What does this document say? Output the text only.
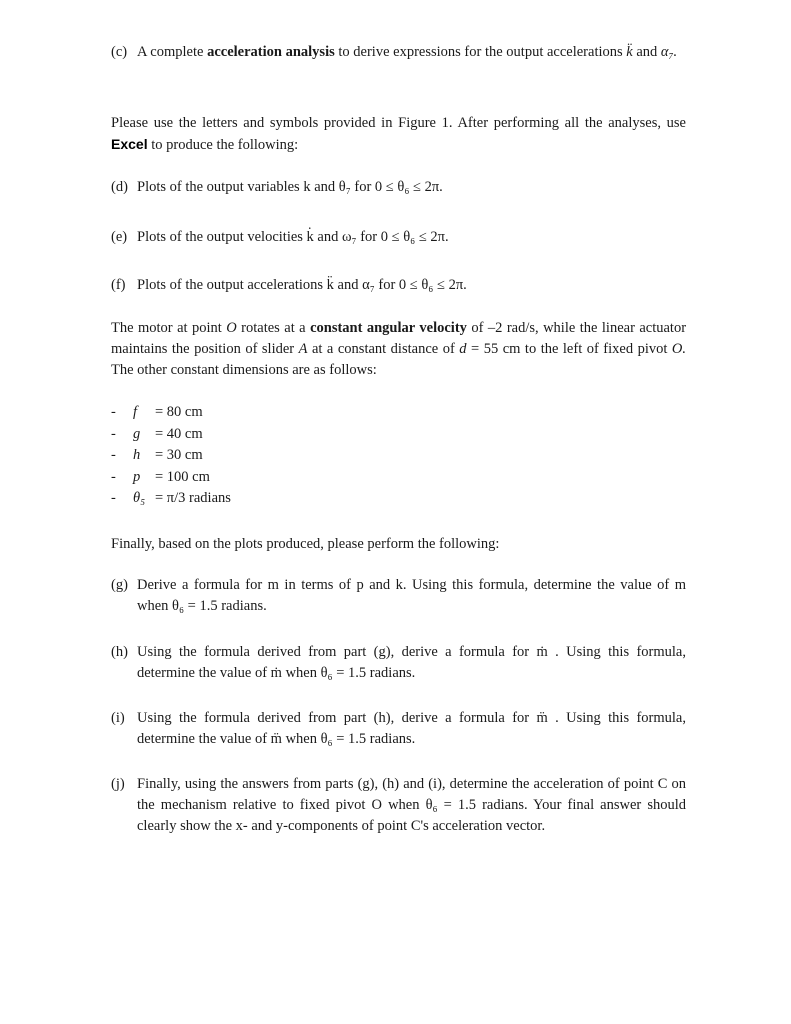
(c) A complete acceleration analysis to derive expressions for the output accelerations k̈ and α₇.
Please use the letters and symbols provided in Figure 1. After performing all the analyses, use Excel to produce the following:
(d) Plots of the output variables k and θ₇ for 0 ≤ θ₆ ≤ 2π.
(e) Plots of the output velocities k̇ and ω₇ for 0 ≤ θ₆ ≤ 2π.
(f) Plots of the output accelerations k̈ and α₇ for 0 ≤ θ₆ ≤ 2π.
The motor at point O rotates at a constant angular velocity of –2 rad/s, while the linear actuator maintains the position of slider A at a constant distance of d = 55 cm to the left of fixed pivot O. The other constant dimensions are as follows:
-	f	= 80 cm
-	g	= 40 cm
-	h	= 30 cm
-	p	= 100 cm
-	θ₅ = π/3 radians
Finally, based on the plots produced, please perform the following:
(g) Derive a formula for m in terms of p and k. Using this formula, determine the value of m when θ₆ = 1.5 radians.
(h) Using the formula derived from part (g), derive a formula for ṁ . Using this formula, determine the value of ṁ when θ₆ = 1.5 radians.
(i) Using the formula derived from part (h), derive a formula for m̈ . Using this formula, determine the value of m̈ when θ₆ = 1.5 radians.
(j) Finally, using the answers from parts (g), (h) and (i), determine the acceleration of point C on the mechanism relative to fixed pivot O when θ₆ = 1.5 radians. Your final answer should clearly show the x- and y-components of point C's acceleration vector.
